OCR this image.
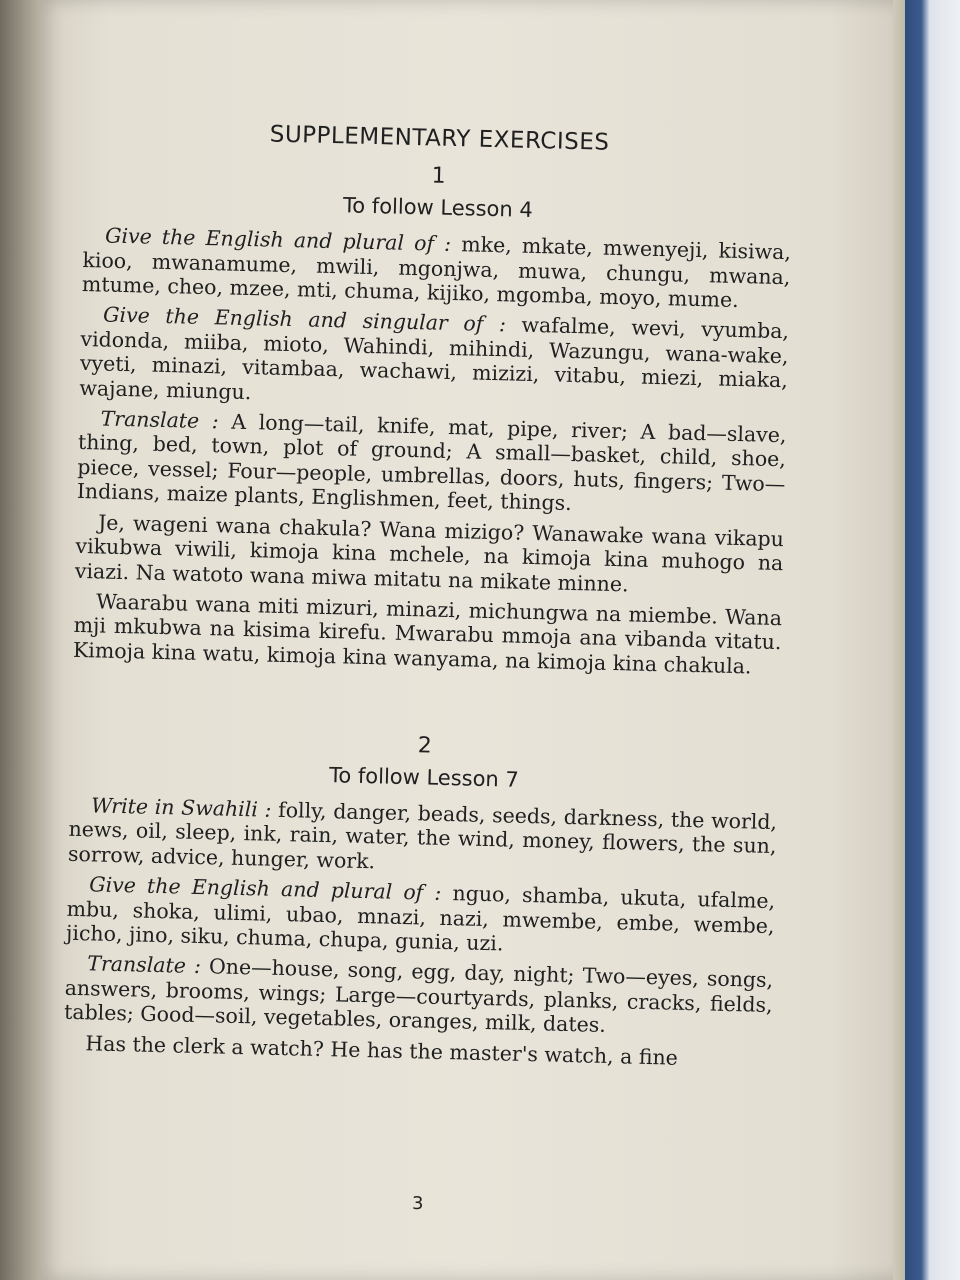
SUPPLEMENTARY EXERCISES
1
To follow Lesson 4

Give the English and plural of : mke, mkate, mwenyeji, kisiwa, kioo, mwanamume, mwili, mgonjwa, muwa, chungu, mwana, mtume, cheo, mzee, mti, chuma, kijiko, mgomba, moyo, mume.

Give the English and singular of : wafalme, wevi, vyumba, vidonda, miiba, mioto, Wahindi, mihindi, Wazungu, wana-wake, vyeti, minazi, vitambaa, wachawi, mizizi, vitabu, miezi, miaka, wajane, miungu.

Translate : A long—tail, knife, mat, pipe, river; A bad—slave, thing, bed, town, plot of ground; A small—basket, child, shoe, piece, vessel; Four—people, umbrellas, doors, huts, fingers; Two—Indians, maize plants, Englishmen, feet, things.

Je, wageni wana chakula? Wana mizigo? Wanawake wana vikapu vikubwa viwili, kimoja kina mchele, na kimoja kina muhogo na viazi. Na watoto wana miwa mitatu na mikate minne.

Waarabu wana miti mizuri, minazi, michungwa na miembe. Wana mji mkubwa na kisima kirefu. Mwarabu mmoja ana vibanda vitatu. Kimoja kina watu, kimoja kina wanyama, na kimoja kina chakula.

2
To follow Lesson 7

Write in Swahili : folly, danger, beads, seeds, darkness, the world, news, oil, sleep, ink, rain, water, the wind, money, flowers, the sun, sorrow, advice, hunger, work.

Give the English and plural of : nguo, shamba, ukuta, ufalme, mbu, shoka, ulimi, ubao, mnazi, nazi, mwembe, embe, wembe, jicho, jino, siku, chuma, chupa, gunia, uzi.

Translate : One—house, song, egg, day, night; Two—eyes, songs, answers, brooms, wings; Large—courtyards, planks, cracks, fields, tables; Good—soil, vegetables, oranges, milk, dates.

Has the clerk a watch? He has the master's watch, a fine

3
